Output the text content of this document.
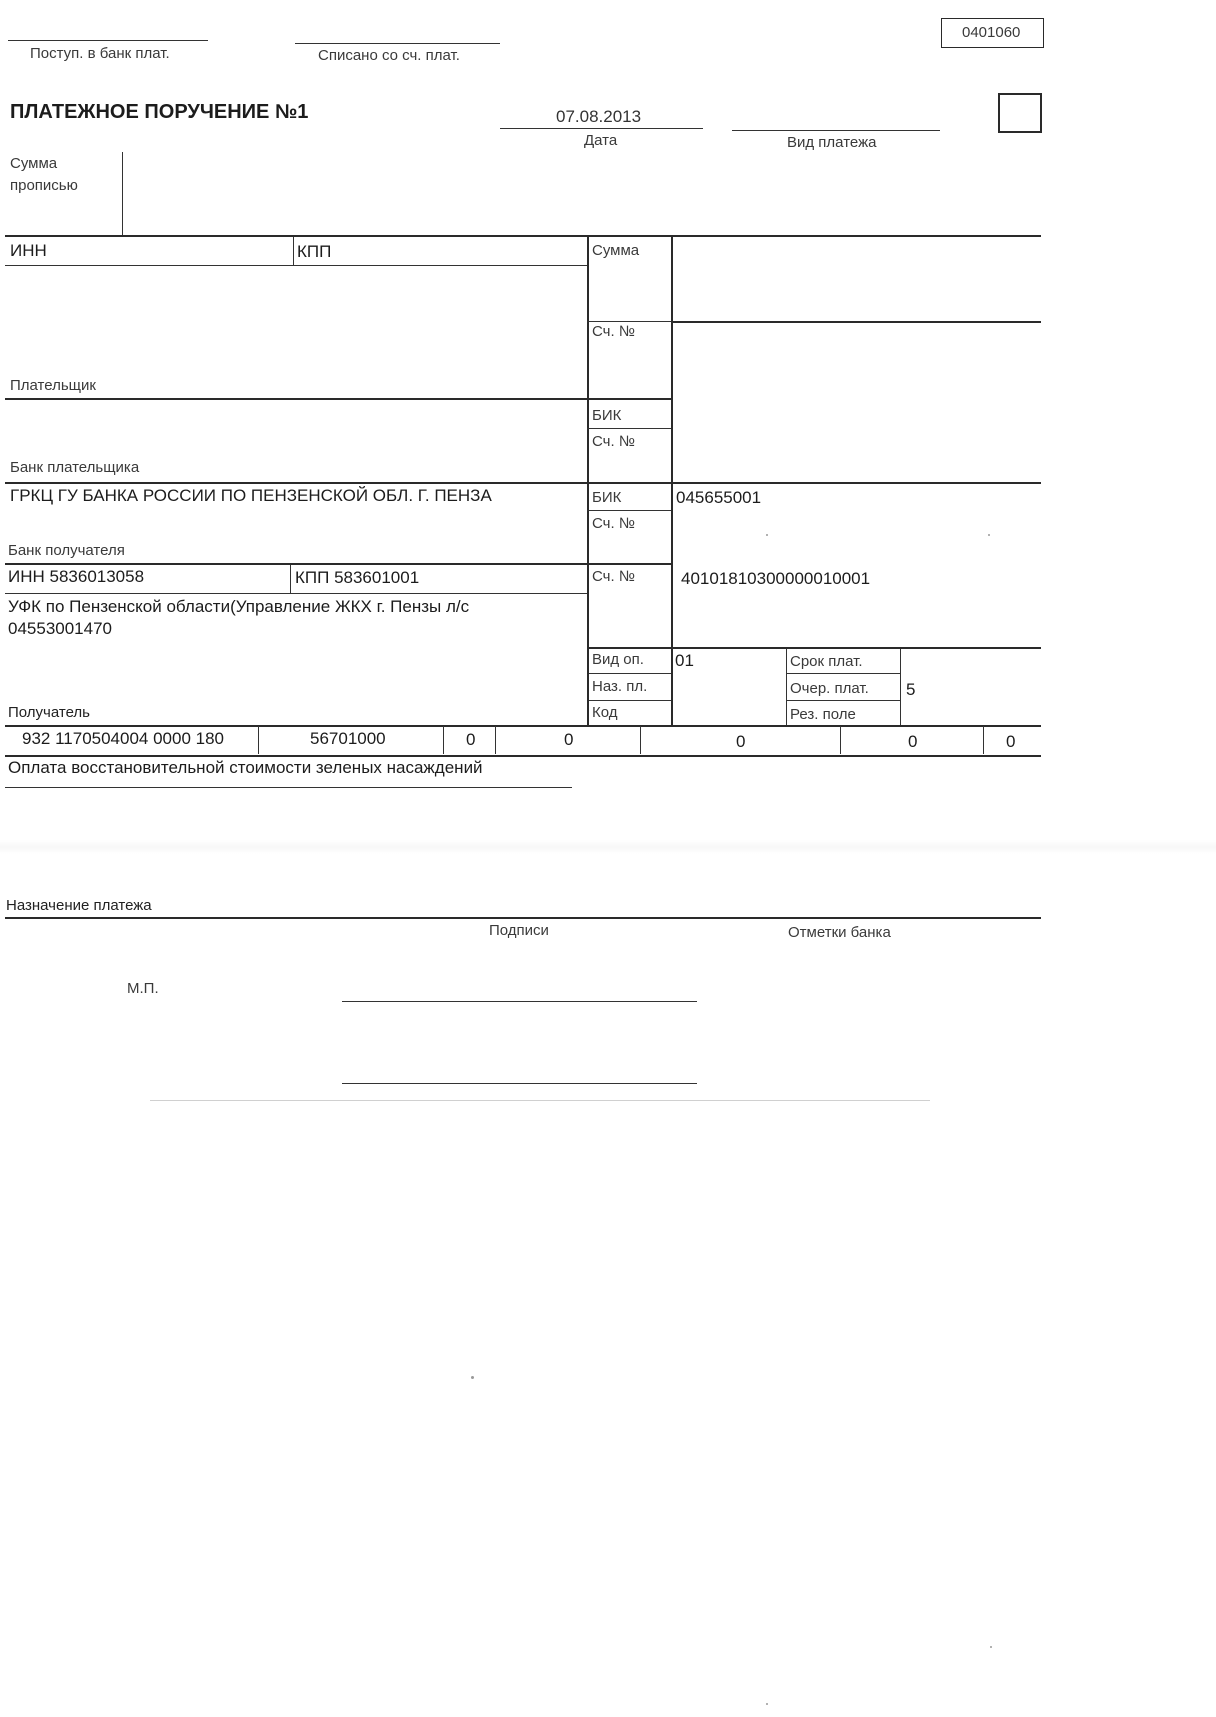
Поступ. в банк плат.	Списано со сч. плат.
0401060
ПЛАТЕЖНОЕ ПОРУЧЕНИЕ №1	07.08.2013
Дата	Вид платежа
Сумма
прописью
ИНН	КПП	Сумма
Сч. №
Плательщик
БИК
Сч. №
Банк плательщика
ГРКЦ ГУ БАНКА РОССИИ ПО ПЕНЗЕНСКОЙ ОБЛ. Г. ПЕНЗА	БИК	045655001
Сч. №
Банк получателя
ИНН 5836013058	КПП 583601001	Сч. №	40101810300000010001
УФК по Пензенской области(Управление ЖКХ г. Пензы л/с
04553001470
Вид оп. 01	Срок плат.
Наз. пл.	Очер. плат. 5
Код	Рез. поле
Получатель
932 1170504004 0000 180	56701000	0	0	0	0	0
Оплата восстановительной стоимости зеленых насаждений
Назначение платежа
Подписи	Отметки банка
М.П.
